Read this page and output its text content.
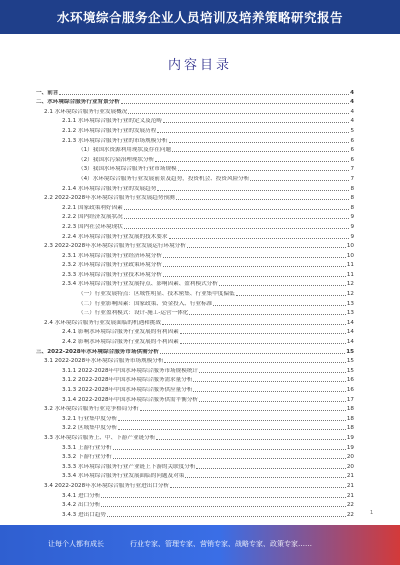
水环境综合服务企业人员培训及培养策略研究报告
内容目录
一、前言	4
二、水环境综合服务行业背景分析	4
2.1 水环境综合服务行业发展概况	4
2.1.1 水环境综合服务行业的定义及范畴	4
2.1.2 水环境综合服务行业的发展历程	5
2.1.3 水环境综合服务行业的市场规模分析	6
（1）我国水资源利用现状及存在问题	6
（2）我国水污染治理现状分析	6
（3）我国水环境综合服务行业市场规模	7
（4）水环境综合服务行业发展前景及趋势，投资机会、投资风险分析	7
2.1.4 水环境综合服务行业的发展趋势	8
2.2 2022-2028年水环境综合服务行业发展趋势预测	8
2.2.1 国家政策利好因素	8
2.2.2 国内经济发展状况	9
2.2.3 国内社会环境现状	9
2.2.4 水环境综合服务行业发展的技术要求	9
2.3 2022-2028年水环境综合服务行业发展运行环境分析	10
2.3.1 水环境综合服务行业经济环境分析	10
2.3.2 水环境综合服务行业政策环境分析	11
2.3.3 水环境综合服务行业技术环境分析	11
2.3.4 水环境综合服务行业发展特点、影响因素、盈利模式分析	12
（一）行业发展特点：区域性明显、技术密集、行业集中度偏低	12
（二）行业影响因素：国家政策、资金投入、行业标准	13
（三）行业盈利模式：设计-施工-运营一体化	13
2.4 水环境综合服务行业发展面临的机遇和挑战	14
2.4.1 影响水环境综合服务行业发展的有利因素	14
2.4.2 影响水环境综合服务行业发展的不利因素	14
三、2022-2028年水环境综合服务市场供需分析	15
3.1 2022-2028年水环境综合服务市场规模分析	15
3.1.1 2022-2028年中国水环境综合服务市场规模统计	15
3.1.2 2022-2028年中国水环境综合服务需求量分析	16
3.1.3 2022-2028年中国水环境综合服务供应量分析	16
3.1.4 2022-2028年中国水环境综合服务供需平衡分析	17
3.2 水环境综合服务行业竞争格局分析	18
3.2.1 行业集中度分析	18
3.2.2 区域集中度分析	18
3.3 水环境综合服务上、中、下游产业链分析	19
3.3.1 上游行业分析	19
3.3.2 下游行业分析	20
3.3.3 水环境综合服务行业产业链上下游的关联度分析	20
3.3.4 水环境综合服务行业发展面临的问题及对策	21
3.4 2022-2028年水环境综合服务行业进出口分析	21
3.4.1 进口分析	21
3.4.2 出口分析	22
3.4.3 进出口趋势	22	1
让每个人都有成长	行业专家、管理专家、营销专家、战略专家、政策专家……
